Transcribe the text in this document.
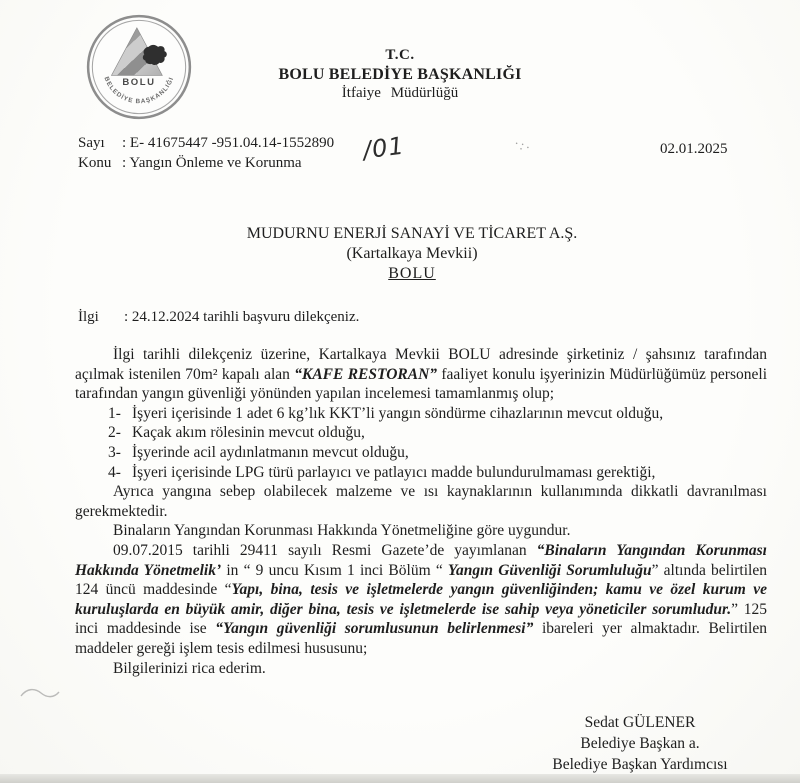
BOLU
BELEDİYE BAŞKANLIĞI
T.C.
BOLU BELEDİYE BAŞKANLIĞI
İtfaiye Müdürlüğü
Sayı	: E- 41675447 -951.04.14-1552890
Konu : Yangın Önleme ve Korunma /01	·:·	02.01.2025
MUDURNU ENERJİ SANAYİ VE TİCARET A.Ş.
(Kartalkaya Mevkii)
BOLU
İlgi	: 24.12.2024 tarihli başvuru dilekçeniz.

İlgi tarihli dilekçeniz üzerine, Kartalkaya Mevkii BOLU adresinde şirketiniz / şahsınız tarafından açılmak istenilen 70m² kapalı alan “KAFE RESTORAN” faaliyet konulu işyerinizin Müdürlüğümüz personeli tarafından yangın güvenliği yönünden yapılan incelemesi tamamlanmış olup;

1- İşyeri içerisinde 1 adet 6 kg’lık KKT’li yangın söndürme cihazlarının mevcut olduğu,
2- Kaçak akım rölesinin mevcut olduğu,
3- İşyerinde acil aydınlatmanın mevcut olduğu,
4- İşyeri içerisinde LPG türü parlayıcı ve patlayıcı madde bulundurulmaması gerektiği,

Ayrıca yangına sebep olabilecek malzeme ve ısı kaynaklarının kullanımında dikkatli davranılması gerekmektedir.

Binaların Yangından Korunması Hakkında Yönetmeliğine göre uygundur.

09.07.2015 tarihli 29411 sayılı Resmi Gazete’de yayımlanan “Binaların Yangından Korunması Hakkında Yönetmelik’ in “ 9 uncu Kısım 1 inci Bölüm “ Yangın Güvenliği Sorumluluğu” altında belirtilen 124 üncü maddesinde “Yapı, bina, tesis ve işletmelerde yangın güvenliğinden; kamu ve özel kurum ve kuruluşlarda en büyük amir, diğer bina, tesis ve işletmelerde ise sahip veya yöneticiler sorumludur.” 125 inci maddesinde ise “Yangın güvenliği sorumlusunun belirlenmesi” ibareleri yer almaktadır. Belirtilen maddeler gereği işlem tesis edilmesi hususunu;

Bilgilerinizi rica ederim.

Sedat GÜLENER
Belediye Başkan a.
Belediye Başkan Yardımcısı
